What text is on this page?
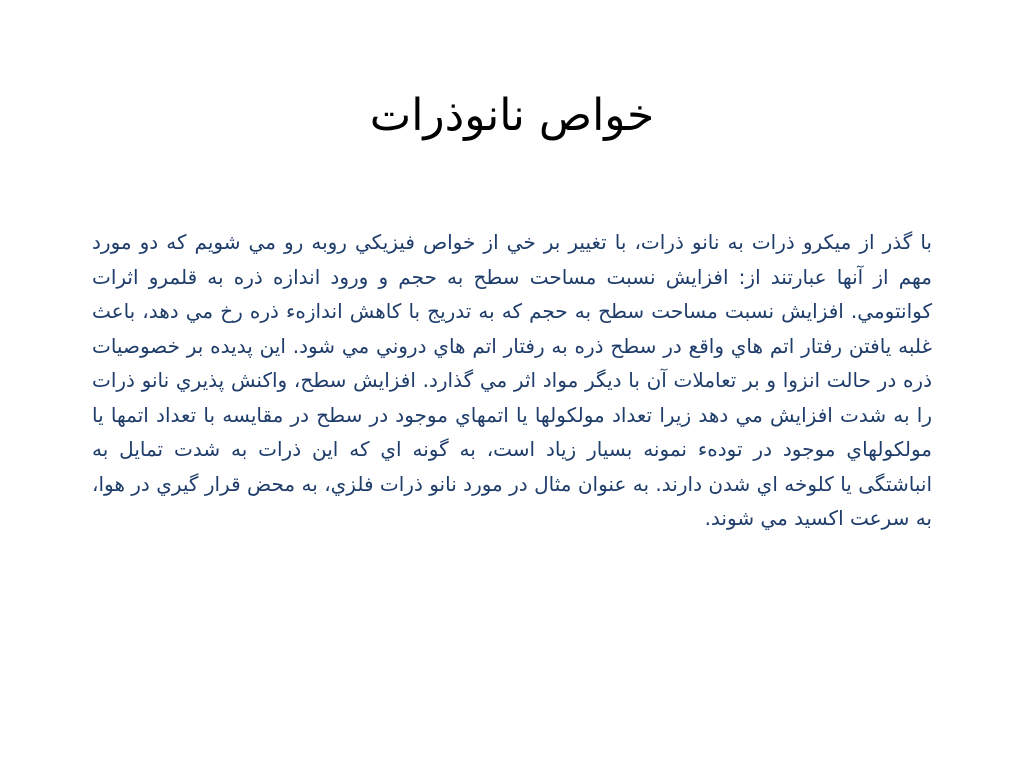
خواص نانوذرات
با گذر از ميکرو ذرات به نانو ذرات، با تغيير بر خي از خواص فيزيکي روبه رو مي شويم که دو مورد مهم از آنها عبارتند از: افزايش نسبت مساحت سطح به حجم و ورود اندازه ذره به قلمرو اثرات کوانتومي. افزايش نسبت مساحت سطح به حجم که به تدريج با کاهش اندازهء ذره رخ مي دهد، باعث غلبه يافتن رفتار اتم هاي واقع در سطح ذره به رفتار اتم هاي دروني مي شود. اين پديده بر خصوصيات ذره در حالت انزوا و بر تعاملات آن با ديگر مواد اثر مي گذارد. افزايش سطح، واکنش پذيري نانو ذرات را به شدت افزايش مي دهد زيرا تعداد مولکولها يا اتمهاي موجود در سطح در مقايسه با تعداد اتمها يا مولکولهاي موجود در تودهء نمونه بسيار زياد است، به گونه اي که اين ذرات به شدت تمايل به انباشتگی يا کلوخه اي شدن دارند. به عنوان مثال در مورد نانو ذرات فلزي، به محض قرار گيري در هوا، به سرعت اکسيد مي شوند.
